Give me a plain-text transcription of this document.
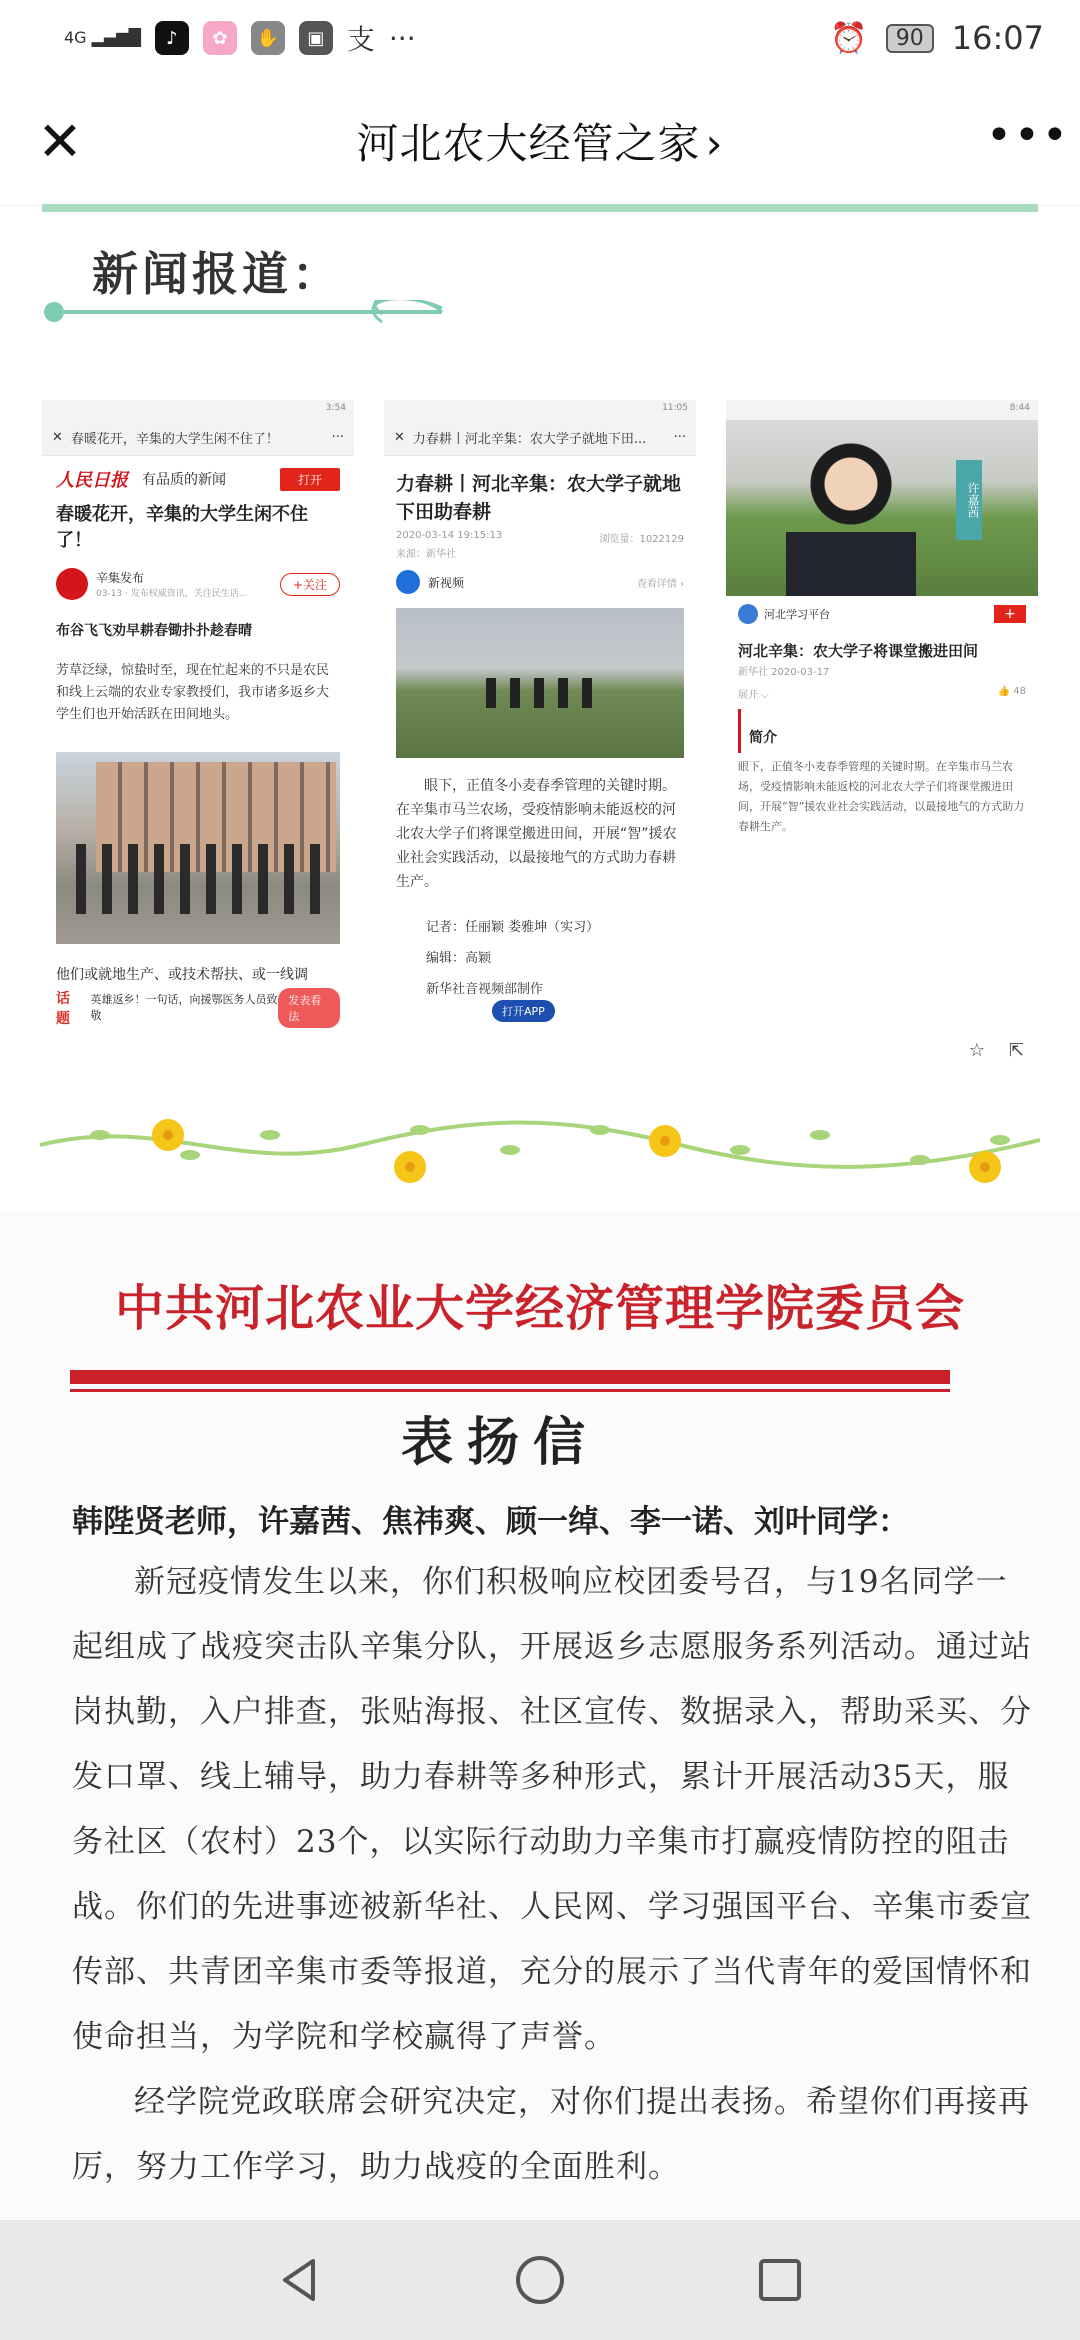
4G ▂▄▆█	♪	✿	✋	▣ 支 ···	⏰	90 16:07
✕	河北农大经管之家 ›	•••
新闻报道：
3:54
✕ 春暖花开，辛集的大学生闲不住了！	···
人民日报 有品质的新闻	打开
春暖花开，辛集的大学生闲不住了！
辛集发布
03-13 · 发布权威资讯，关注民生话...
+关注
布谷飞飞劝早耕春锄扑扑趁春晴
芳草泛绿，惊蛰时至，现在忙起来的不只是农民和线上云端的农业专家教授们，我市诸多返乡大学生们也开始活跃在田间地头。
他们或就地生产、或技术帮扶、或一线调
话题
英雄返乡！一句话，向援鄂医务人员致敬
发表看法
11:05
✕ 力春耕丨河北辛集：农大学子就地下田... ···
力春耕丨河北辛集：农大学子就地下田助春耕
2020-03-14 19:15:13	浏览量：1022129
来源：新华社
新视频	查看详情 ›
眼下，正值冬小麦春季管理的关键时期。在辛集市马兰农场，受疫情影响未能返校的河北农大学子们将课堂搬进田间，开展“智”援农业社会实践活动，以最接地气的方式助力春耕生产。
记者：任丽颖 娄雅坤（实习）
编辑：高颖
新华社音视频部制作
打开APP
8:44
许嘉茜
河北学习平台	+
河北辛集：农大学子将课堂搬进田间
新华社 2020-03-17
展开 ⌵	👍 48
简介
眼下，正值冬小麦春季管理的关键时期。在辛集市马兰农场，受疫情影响未能返校的河北农大学子们将课堂搬进田间，开展“智”援农业社会实践活动，以最接地气的方式助力春耕生产。
☆ ⇱
中共河北农业大学经济管理学院委员会
表扬信
韩陛贤老师，许嘉茜、焦祎爽、顾一绰、李一诺、刘叶同学：

新冠疫情发生以来，你们积极响应校团委号召，与19名同学一起组成了战疫突击队辛集分队，开展返乡志愿服务系列活动。通过站岗执勤，入户排查，张贴海报、社区宣传、数据录入，帮助采买、分发口罩、线上辅导，助力春耕等多种形式，累计开展活动35天，服务社区（农村）23个，以实际行动助力辛集市打赢疫情防控的阻击战。你们的先进事迹被新华社、人民网、学习强国平台、辛集市委宣传部、共青团辛集市委等报道，充分的展示了当代青年的爱国情怀和使命担当，为学院和学校赢得了声誉。

经学院党政联席会研究决定，对你们提出表扬。希望你们再接再厉，努力工作学习，助力战疫的全面胜利。
